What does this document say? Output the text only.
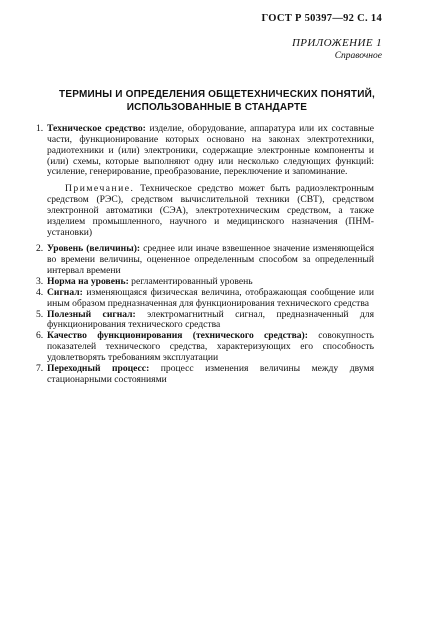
ГОСТ Р 50397—92 С. 14
ПРИЛОЖЕНИЕ 1
Справочное
ТЕРМИНЫ И ОПРЕДЕЛЕНИЯ ОБЩЕТЕХНИЧЕСКИХ ПОНЯТИЙ,
ИСПОЛЬЗОВАННЫЕ В СТАНДАРТЕ
1. Техническое средство: изделие, оборудование, аппаратура или их составные части, функционирование которых основано на законах электротехники, радиотехники и (или) электроники, содержащие электронные компоненты и (или) схемы, которые выполняют одну или несколько следующих функций: усиление, генерирование, преобразование, переключение и запоминание.
Примечание. Техническое средство может быть радиоэлектронным средством (РЭС), средством вычислительной техники (СВТ), средством электронной автоматики (СЭА), электротехническим средством, а также изделием промышленного, научного и медицинского назначения (ПНМ-установки)
2. Уровень (величины): среднее или иначе взвешенное значение изменяющейся во времени величины, оцененное определенным способом за определенный интервал времени
3. Норма на уровень: регламентированный уровень
4. Сигнал: изменяющаяся физическая величина, отображающая сообщение или иным образом предназначенная для функционирования технического средства
5. Полезный сигнал: электромагнитный сигнал, предназначенный для функционирования технического средства
6. Качество функционирования (технического средства): совокупность показателей технического средства, характеризующих его способность удовлетворять требованиям эксплуатации
7. Переходный процесс: процесс изменения величины между двумя стационарными состояниями
